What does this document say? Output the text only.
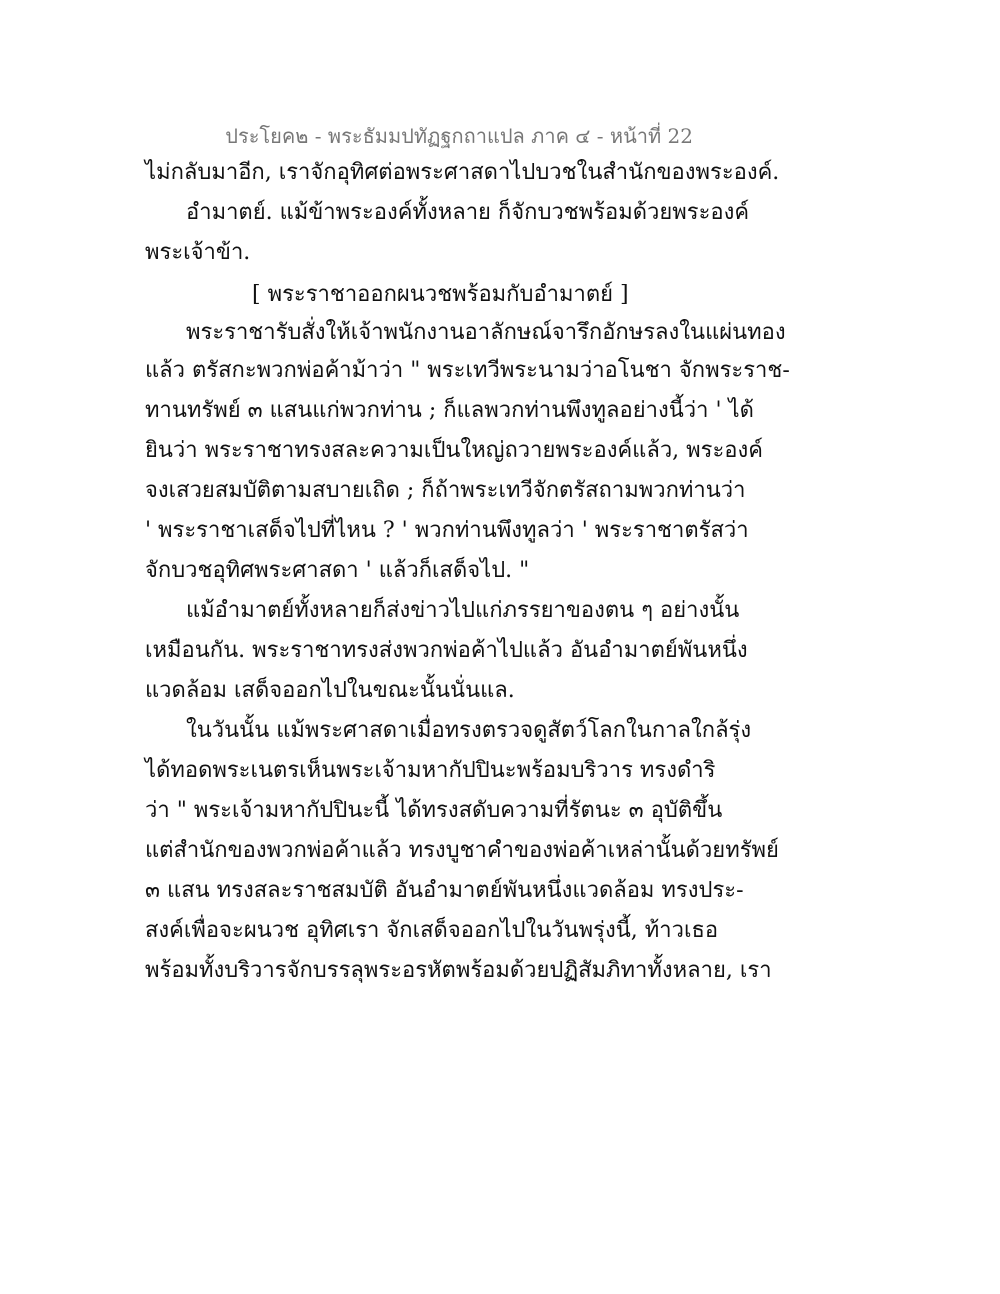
ประโยค๒ - พระธัมมปทัฏฐกถาแปล ภาค ๔ - หน้าที่ 22
ไม่กลับมาอีก, เราจักอุทิศต่อพระศาสดาไปบวชในสำนักของพระองค์.
อำมาตย์. แม้ข้าพระองค์ทั้งหลาย ก็จักบวชพร้อมด้วยพระองค์
พระเจ้าข้า.
[ พระราชาออกผนวชพร้อมกับอำมาตย์ ]
พระราชารับสั่งให้เจ้าพนักงานอาลักษณ์จารึกอักษรลงในแผ่นทอง
แล้ว ตรัสกะพวกพ่อค้าม้าว่า " พระเทวีพระนามว่าอโนชา จักพระราช-
ทานทรัพย์ ๓ แสนแก่พวกท่าน ; ก็แลพวกท่านพึงทูลอย่างนี้ว่า ' ได้
ยินว่า พระราชาทรงสละความเป็นใหญ่ถวายพระองค์แล้ว, พระองค์
จงเสวยสมบัติตามสบายเถิด ; ก็ถ้าพระเทวีจักตรัสถามพวกท่านว่า
' พระราชาเสด็จไปที่ไหน ? ' พวกท่านพึงทูลว่า ' พระราชาตรัสว่า
จักบวชอุทิศพระศาสดา ' แล้วก็เสด็จไป. "
แม้อำมาตย์ทั้งหลายก็ส่งข่าวไปแก่ภรรยาของตน ๆ อย่างนั้น
เหมือนกัน. พระราชาทรงส่งพวกพ่อค้าไปแล้ว อันอำมาตย์พันหนึ่ง
แวดล้อม เสด็จออกไปในขณะนั้นนั่นแล.
ในวันนั้น แม้พระศาสดาเมื่อทรงตรวจดูสัตว์โลกในกาลใกล้รุ่ง
ได้ทอดพระเนตรเห็นพระเจ้ามหากัปปินะพร้อมบริวาร ทรงดำริ
ว่า " พระเจ้ามหากัปปินะนี้ ได้ทรงสดับความที่รัตนะ ๓ อุบัติขึ้น
แต่สำนักของพวกพ่อค้าแล้ว ทรงบูชาคำของพ่อค้าเหล่านั้นด้วยทรัพย์
๓ แสน ทรงสละราชสมบัติ อันอำมาตย์พันหนึ่งแวดล้อม ทรงประ-
สงค์เพื่อจะผนวช อุทิศเรา จักเสด็จออกไปในวันพรุ่งนี้, ท้าวเธอ
พร้อมทั้งบริวารจักบรรลุพระอรหัตพร้อมด้วยปฏิสัมภิทาทั้งหลาย, เรา
